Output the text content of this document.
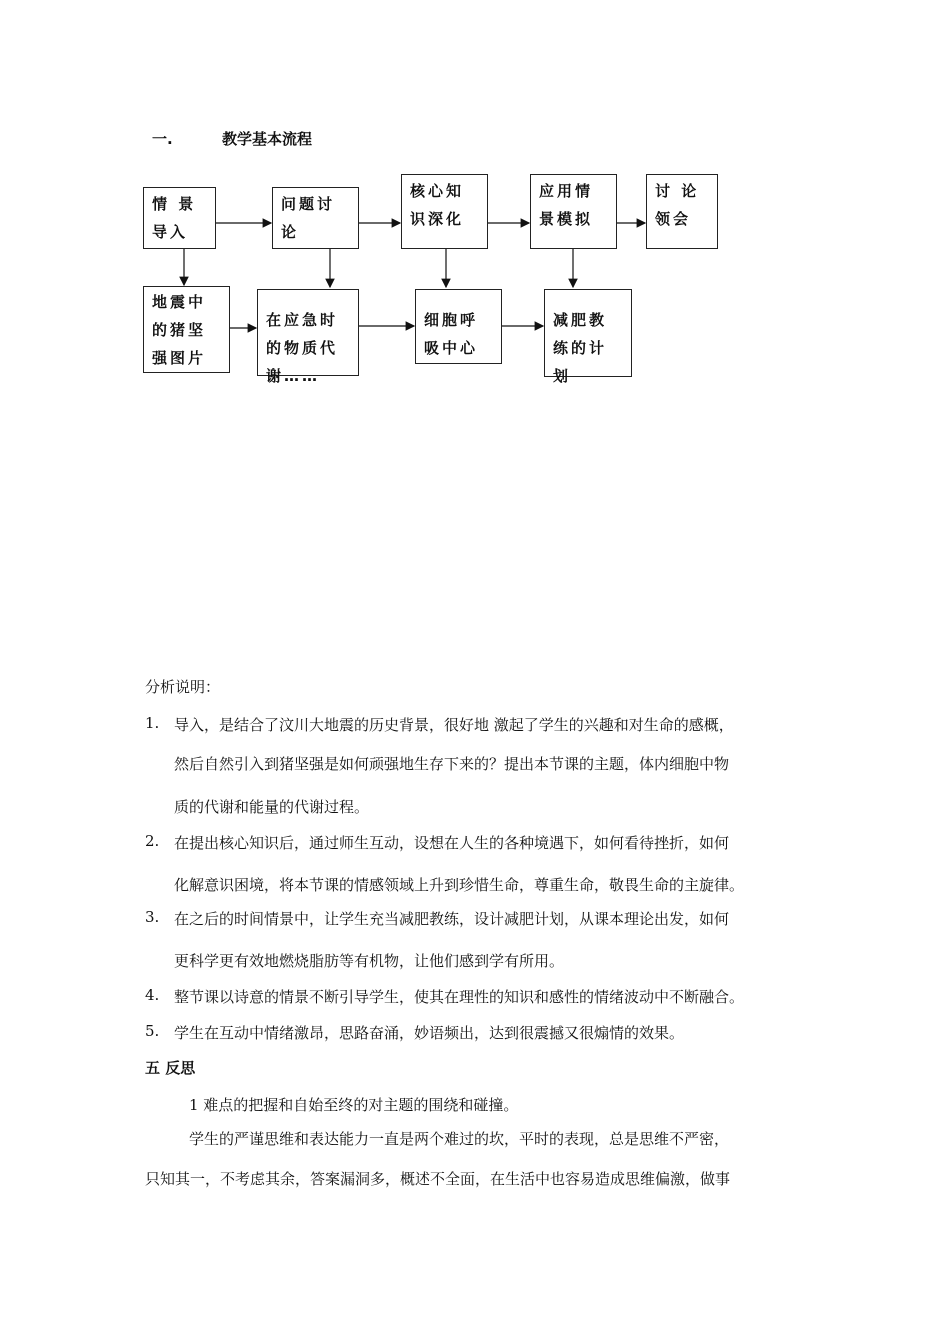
一.	教学基本流程
情 景
导入
问题讨
论
核心知
识深化
应用情
景模拟
讨 论
领会
地震中
的猪坚
强图片
在应急时
的物质代
谢……
细胞呼
吸中心
减肥教
练的计
划
分析说明：
1. 导入，是结合了汶川大地震的历史背景，很好地 激起了学生的兴趣和对生命的感概，
然后自然引入到猪坚强是如何顽强地生存下来的？提出本节课的主题，体内细胞中物
质的代谢和能量的代谢过程。
2. 在提出核心知识后，通过师生互动，设想在人生的各种境遇下，如何看待挫折，如何
化解意识困境，将本节课的情感领域上升到珍惜生命，尊重生命，敬畏生命的主旋律。
3. 在之后的时间情景中，让学生充当减肥教练，设计减肥计划，从课本理论出发，如何
更科学更有效地燃烧脂肪等有机物，让他们感到学有所用。
4. 整节课以诗意的情景不断引导学生，使其在理性的知识和感性的情绪波动中不断融合。
5. 学生在互动中情绪激昂，思路奋涌，妙语频出，达到很震撼又很煽情的效果。
五 反思
1 难点的把握和自始至终的对主题的围绕和碰撞。
学生的严谨思维和表达能力一直是两个难过的坎，平时的表现，总是思维不严密，
只知其一，不考虑其余，答案漏洞多，概述不全面，在生活中也容易造成思维偏激，做事
